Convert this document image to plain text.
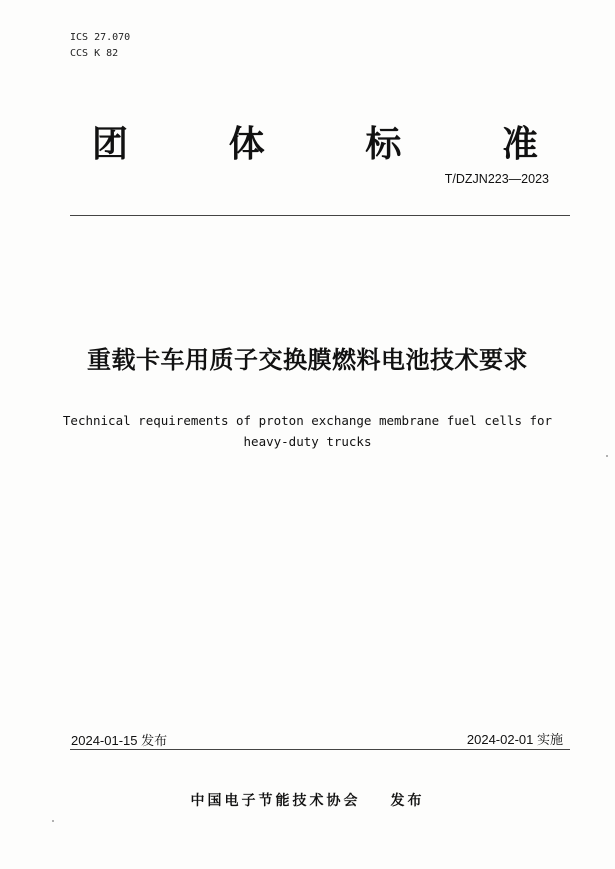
ICS 27.070
CCS K 82
团	体	标	准
T/DZJN223—2023
重载卡车用质子交换膜燃料电池技术要求
Technical requirements of proton exchange membrane fuel cells for
heavy-duty trucks
2024-01-15 发布	2024-02-01 实施
中国电子节能技术协会 发布
